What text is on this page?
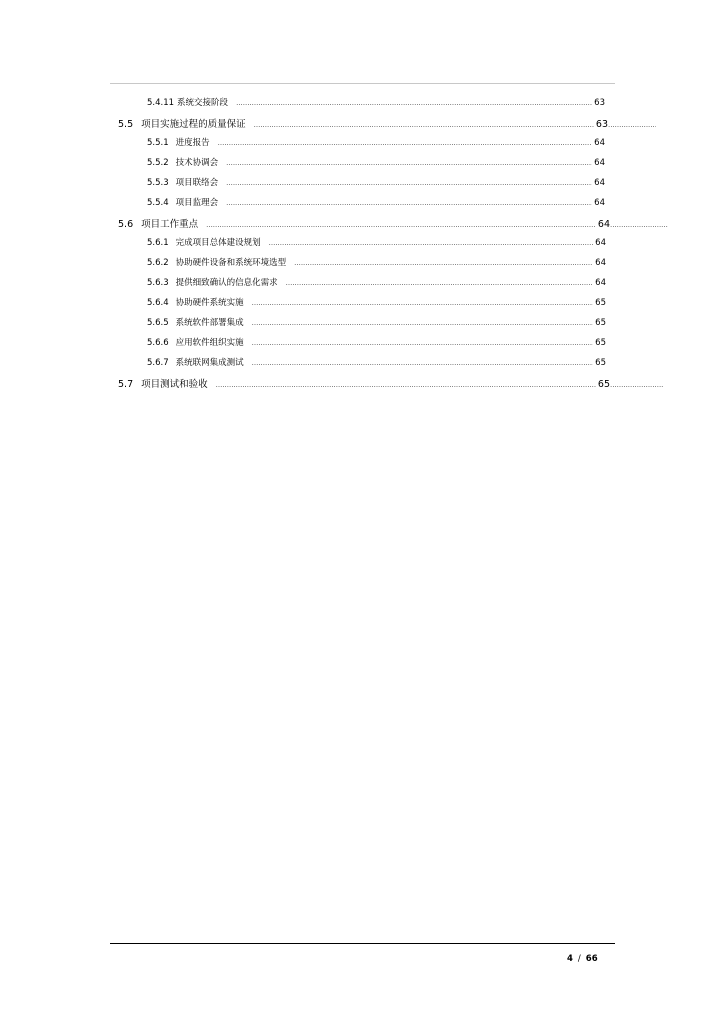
5.4.11 系统交接阶段 .....	63
5.5 项目实施过程的质量保证 .....	63
.....
5.5.1 进度报告 .....	64
5.5.2 技术协调会 .....	64
5.5.3 项目联络会 .....	64
5.5.4 项目监理会 .....	64
5.6 项目工作重点 .....	64
.....
5.6.1 完成项目总体建设规划 .....	64
5.6.2 协助硬件设备和系统环境选型 .....	64
5.6.3 提供细致确认的信息化需求 .....	64
5.6.4 协助硬件系统实施 .....	65
5.6.5 系统软件部署集成 .....	65
5.6.6 应用软件组织实施 .....	65
5.6.7 系统联网集成测试 .....	65
5.7 项目测试和验收 .....	65
.....
4 / 66
